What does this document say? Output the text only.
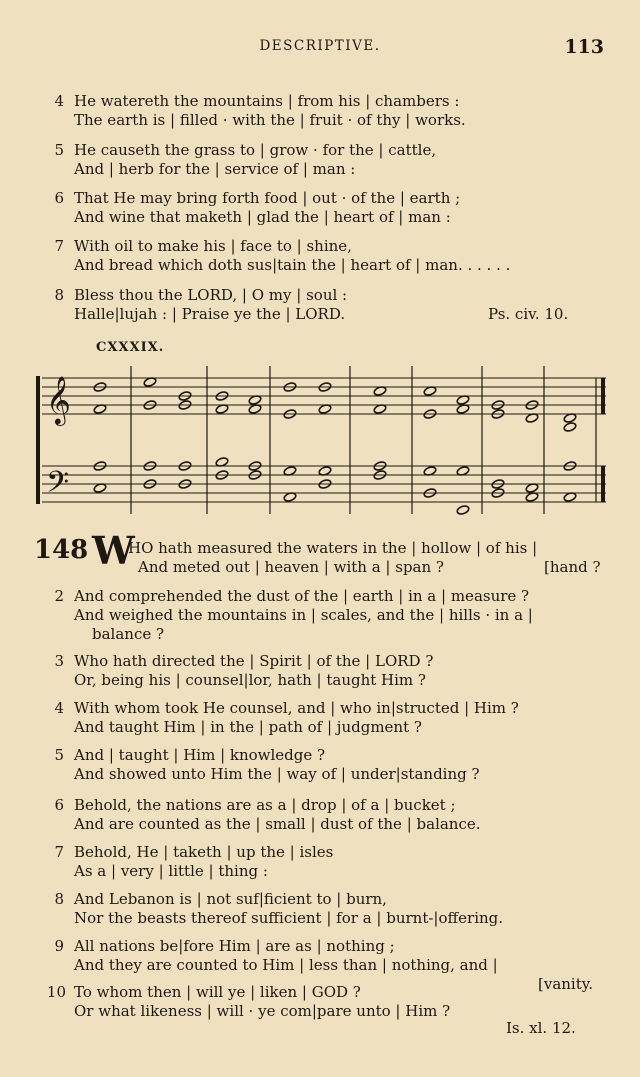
DESCRIPTIVE.	113
4 He watereth the mountains | from his | chambers :
The earth is | filled · with the | fruit · of thy | works.
5 He causeth the grass to | grow · for the | cattle,
And | herb for the | service of | man :
6 That He may bring forth food | out · of the | earth ;
And wine that maketh | glad the | heart of | man :
7 With oil to make his | face to | shine,
And bread which doth sus|tain the | heart of | man. . . . . .
8 Bless thou the LORD, | O my | soul :
Halle|lujah : | Praise ye the | LORD.	Ps. civ. 10.
CXXXIX.
𝄞
𝄢
148 W
HO hath measured the waters in the | hollow | of his |
And meted out | heaven | with a | span ?	[hand ?
2 And comprehended the dust of the | earth | in a | measure ?
And weighed the mountains in | scales, and the | hills · in a |
balance ?
3 Who hath directed the | Spirit | of the | LORD ?
Or, being his | counsel|lor, hath | taught Him ?
4 With whom took He counsel, and | who in|structed | Him ?
And taught Him | in the | path of | judgment ?
5 And | taught | Him | knowledge ?
And showed unto Him the | way of | under|standing ?
6 Behold, the nations are as a | drop | of a | bucket ;
And are counted as the | small | dust of the | balance.
7 Behold, He | taketh | up the | isles
As a | very | little | thing :
8 And Lebanon is | not suf|ficient to | burn,
Nor the beasts thereof sufficient | for a | burnt-|offering.
9 All nations be|fore Him | are as | nothing ;
And they are counted to Him | less than | nothing, and |
[vanity.
10 To whom then | will ye | liken | GOD ?
Or what likeness | will · ye com|pare unto | Him ?
Is. xl. 12.
